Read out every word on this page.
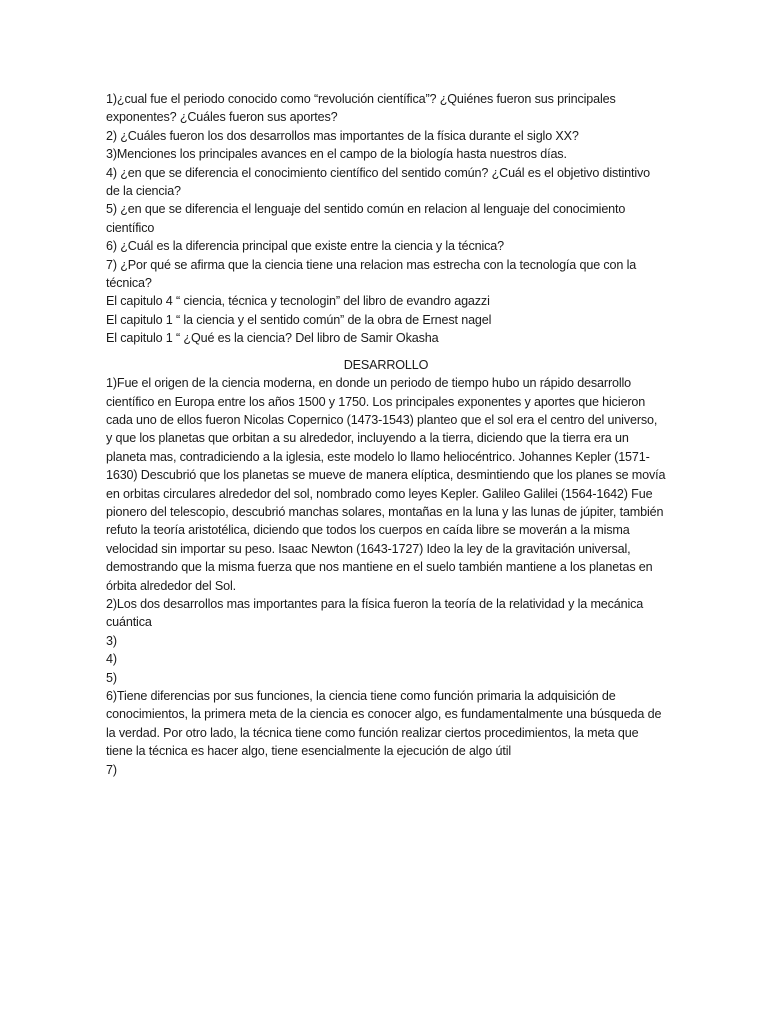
1)¿cual fue el periodo conocido como “revolución científica”? ¿Quiénes fueron sus principales exponentes? ¿Cuáles fueron sus aportes?

2) ¿Cuáles fueron los dos desarrollos mas importantes de la física durante el siglo XX?

3)Menciones los principales avances en el campo de la biología hasta nuestros días.

4) ¿en que se diferencia el conocimiento científico del sentido común? ¿Cuál es el objetivo distintivo de la ciencia?

5) ¿en que se diferencia el lenguaje del sentido común en relacion al lenguaje del conocimiento científico

6) ¿Cuál es la diferencia principal que existe entre la ciencia y la técnica?

7) ¿Por qué se afirma que la ciencia tiene una relacion mas estrecha con la tecnología que con la técnica?

El capitulo 4 “ ciencia, técnica y tecnologin” del libro de evandro agazzi

El capitulo 1 “ la ciencia y el sentido común” de la obra de Ernest nagel

El capitulo 1 “ ¿Qué es la ciencia? Del libro de Samir Okasha

DESARROLLO

1)Fue el origen de la ciencia moderna, en donde un periodo de tiempo hubo un rápido desarrollo científico en Europa entre los años 1500 y 1750. Los principales exponentes y aportes que hicieron cada uno de ellos fueron Nicolas Copernico (1473-1543) planteo que el sol era el centro del universo, y que los planetas que orbitan a su alrededor, incluyendo a la tierra, diciendo que la tierra era un planeta mas, contradiciendo a la iglesia, este modelo lo llamo heliocéntrico. Johannes Kepler (1571-1630) Descubrió que los planetas se mueve de manera elíptica, desmintiendo que los planes se movía en orbitas circulares alrededor del sol, nombrado como leyes Kepler. Galileo Galilei (1564-1642) Fue pionero del telescopio, descubrió manchas solares, montañas en la luna y las lunas de júpiter, también refuto la teoría aristotélica, diciendo que todos los cuerpos en caída libre se moverán a la misma velocidad sin importar su peso. Isaac Newton (1643-1727) Ideo la ley de la gravitación universal, demostrando que la misma fuerza que nos mantiene en el suelo también mantiene a los planetas en órbita alrededor del Sol.

2)Los dos desarrollos mas importantes para la física fueron la teoría de la relatividad y la mecánica cuántica

3)

4)

5)

6)Tiene diferencias por sus funciones, la ciencia tiene como función primaria la adquisición de conocimientos, la primera meta de la ciencia es conocer algo, es fundamentalmente una búsqueda de la verdad. Por otro lado, la técnica tiene como función realizar ciertos procedimientos, la meta que tiene la técnica es hacer algo, tiene esencialmente la ejecución de algo útil

7)
